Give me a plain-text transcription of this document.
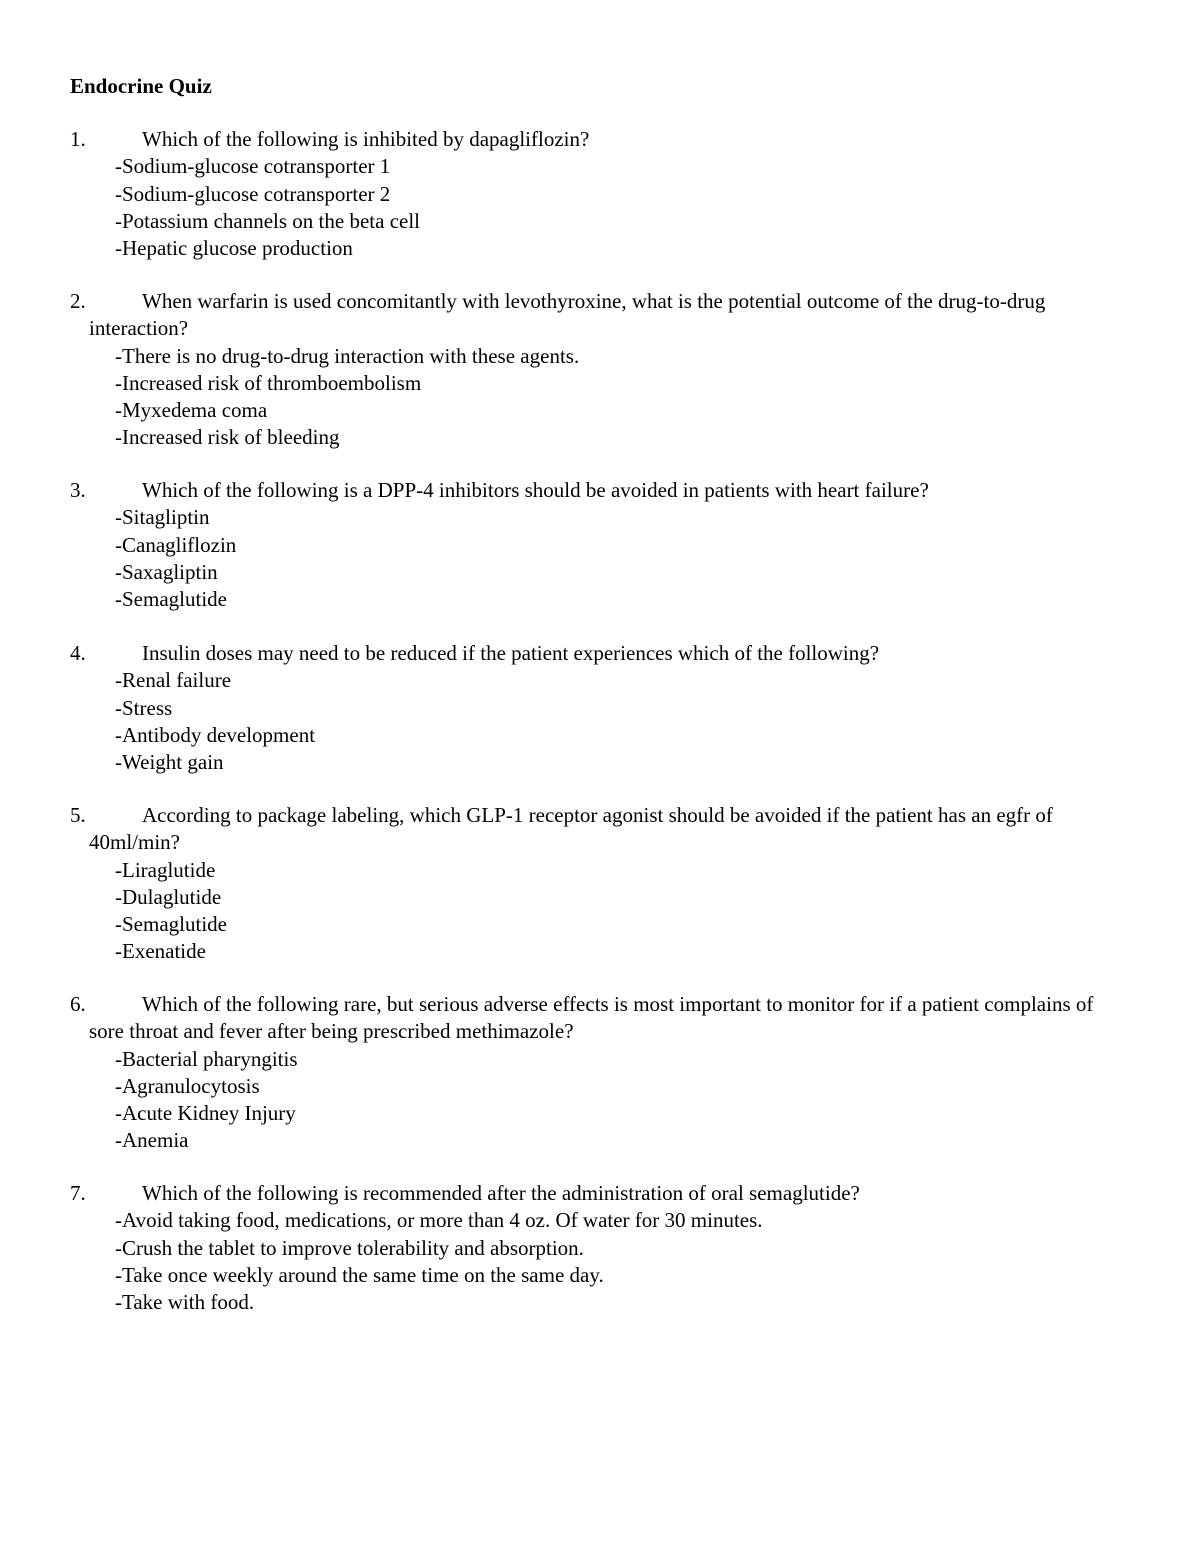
Endocrine Quiz
1.	Which of the following is inhibited by dapagliflozin?
-Sodium-glucose cotransporter 1
-Sodium-glucose cotransporter 2
-Potassium channels on the beta cell
-Hepatic glucose production
2.	When warfarin is used concomitantly with levothyroxine, what is the potential outcome of the drug-to-drug interaction?
-There is no drug-to-drug interaction with these agents.
-Increased risk of thromboembolism
-Myxedema coma
-Increased risk of bleeding
3.	Which of the following is a DPP-4 inhibitors should be avoided in patients with heart failure?
-Sitagliptin
-Canagliflozin
-Saxagliptin
-Semaglutide
4.	Insulin doses may need to be reduced if the patient experiences which of the following?
-Renal failure
-Stress
-Antibody development
-Weight gain
5.	According to package labeling, which GLP-1 receptor agonist should be avoided if the patient has an egfr of 40ml/min?
-Liraglutide
-Dulaglutide
-Semaglutide
-Exenatide
6.	Which of the following rare, but serious adverse effects is most important to monitor for if a patient complains of sore throat and fever after being prescribed methimazole?
-Bacterial pharyngitis
-Agranulocytosis
-Acute Kidney Injury
-Anemia
7.	Which of the following is recommended after the administration of oral semaglutide?
-Avoid taking food, medications, or more than 4 oz. Of water for 30 minutes.
-Crush the tablet to improve tolerability and absorption.
-Take once weekly around the same time on the same day.
-Take with food.
